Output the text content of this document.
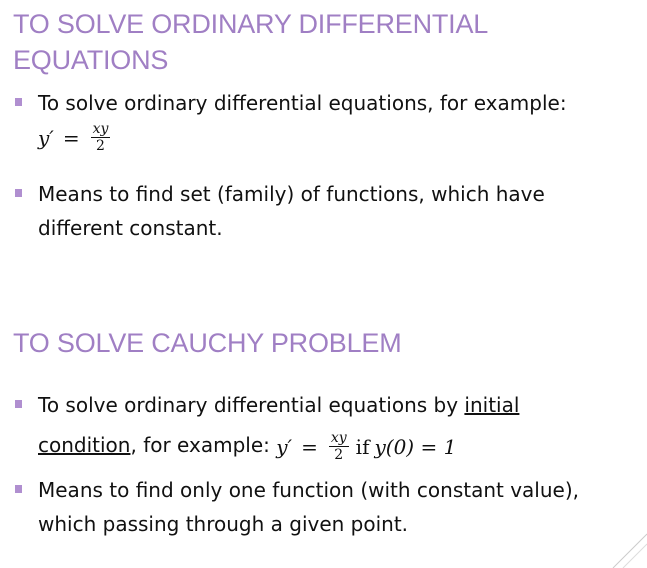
TO SOLVE ORDINARY DIFFERENTIAL EQUATIONS
To solve ordinary differential equations, for example:
$y' = \frac{xy}{2}$
Means to find set (family) of functions, which have different constant.
TO SOLVE CAUCHY PROBLEM
To solve ordinary differential equations by initial condition, for example: $y' = \frac{xy}{2}$ if y(0) = 1
Means to find only one function (with constant value), which passing through a given point.
